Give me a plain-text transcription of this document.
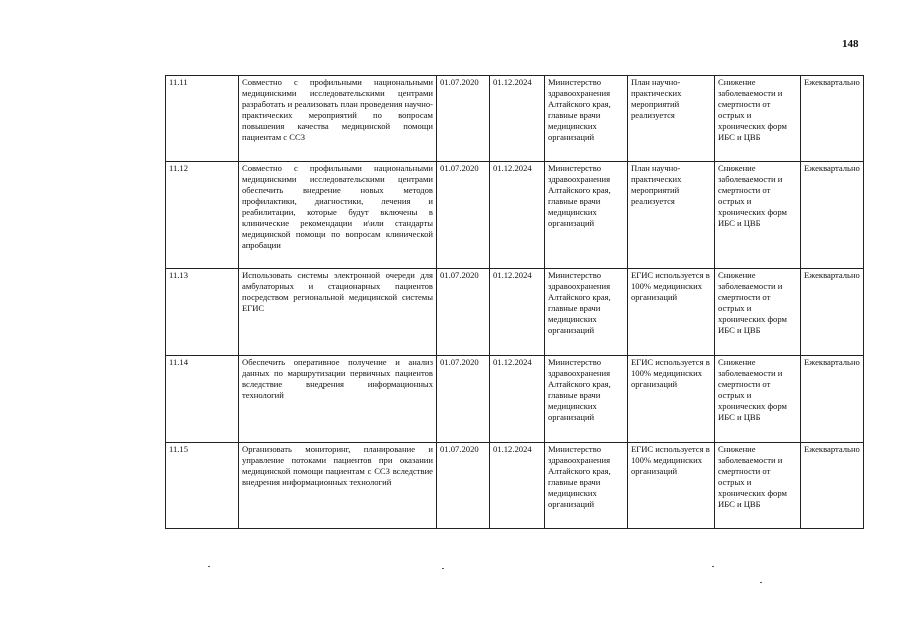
148
11.11	Совместно с профильными национальными медицинскими исследовательскими центрами разработать и реализовать план проведения научно-практических мероприятий по вопросам повышения качества медицинской помощи пациентам с ССЗ	01.07.2020	01.12.2024	Министерство здравоохранения Алтайского края, главные врачи медицинских организаций	План научно-практических мероприятий реализуется	Снижение заболеваемости и смертности от острых и хронических форм ИБС и ЦВБ	Ежеквартально
11.12	Совместно с профильными национальными медицинскими исследовательскими центрами обеспечить внедрение новых методов профилактики, диагностики, лечения и реабилитации, которые будут включены в клинические рекомендации и\или стандарты медицинской помощи по вопросам клинической апробации	01.07.2020	01.12.2024	Министерство здравоохранения Алтайского края, главные врачи медицинских организаций	План научно-практических мероприятий реализуется	Снижение заболеваемости и смертности от острых и хронических форм ИБС и ЦВБ	Ежеквартально
11.13	Использовать системы электронной очереди для амбулаторных и стационарных пациентов посредством региональной медицинской системы ЕГИС	01.07.2020	01.12.2024	Министерство здравоохранения Алтайского края, главные врачи медицинских организаций	ЕГИС используется в 100% медицинских организаций	Снижение заболеваемости и смертности от острых и хронических форм ИБС и ЦВБ	Ежеквартально
11.14	Обеспечить оперативное получение и анализ данных по маршрутизации первичных пациентов вследствие внедрения информационных технологий	01.07.2020	01.12.2024	Министерство здравоохранения Алтайского края, главные врачи медицинских организаций	ЕГИС используется в 100% медицинских организаций	Снижение заболеваемости и смертности от острых и хронических форм ИБС и ЦВБ	Ежеквартально
11.15	Организовать мониторинг, планирование и управление потоками пациентов при оказании медицинской помощи пациентам с ССЗ вследствие внедрения информационных технологий	01.07.2020	01.12.2024	Министерство здравоохранения Алтайского края, главные врачи медицинских организаций	ЕГИС используется в 100% медицинских организаций	Снижение заболеваемости и смертности от острых и хронических форм ИБС и ЦВБ	Ежеквартально
